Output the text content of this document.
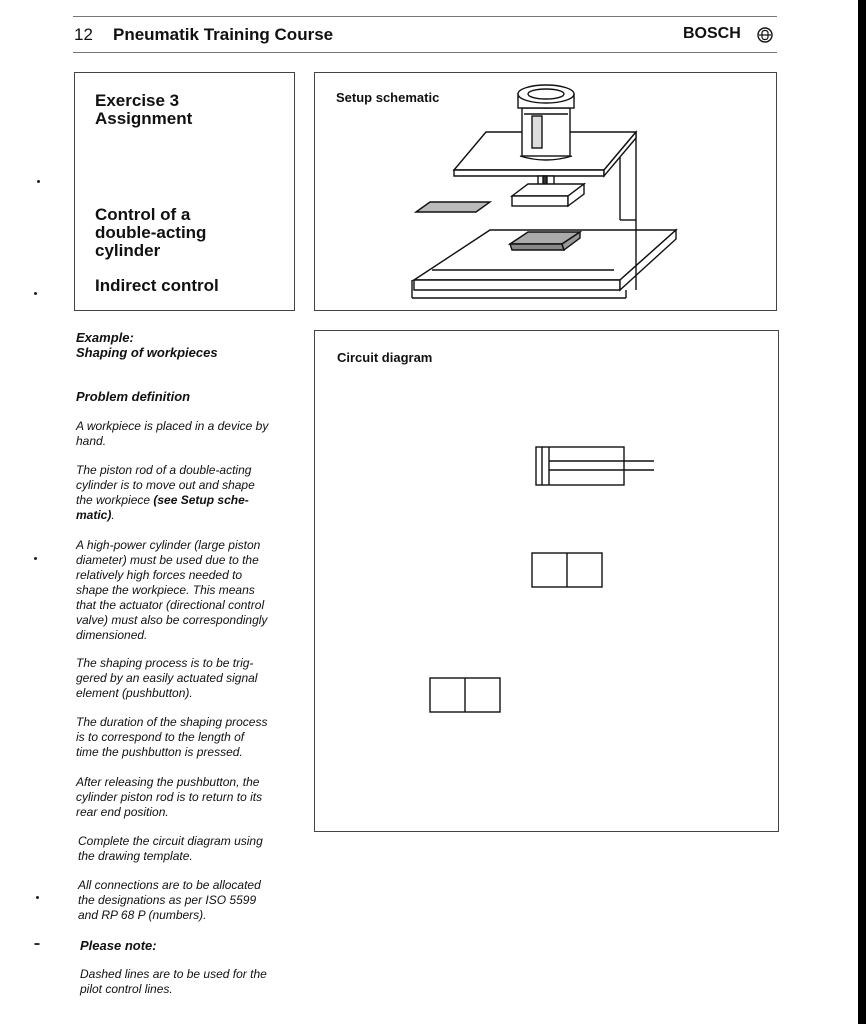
12 Pneumatik Training Course	BOSCH
Exercise 3
Assignment
Control of a
double-acting
cylinder
Indirect control
Setup schematic
Circuit diagram
Example:
Shaping of workpieces
Problem definition
A workpiece is placed in a device by
hand.
The piston rod of a double-acting
cylinder is to move out and shape
the workpiece (see Setup sche-
matic).
A high-power cylinder (large piston
diameter) must be used due to the
relatively high forces needed to
shape the workpiece. This means
that the actuator (directional control
valve) must also be correspondingly
dimensioned.
The shaping process is to be trig-
gered by an easily actuated signal
element (pushbutton).
The duration of the shaping process
is to correspond to the length of
time the pushbutton is pressed.
After releasing the pushbutton, the
cylinder piston rod is to return to its
rear end position.
Complete the circuit diagram using
the drawing template.
All connections are to be allocated
the designations as per ISO 5599
and RP 68 P (numbers).
Please note:
Dashed lines are to be used for the
pilot control lines.
